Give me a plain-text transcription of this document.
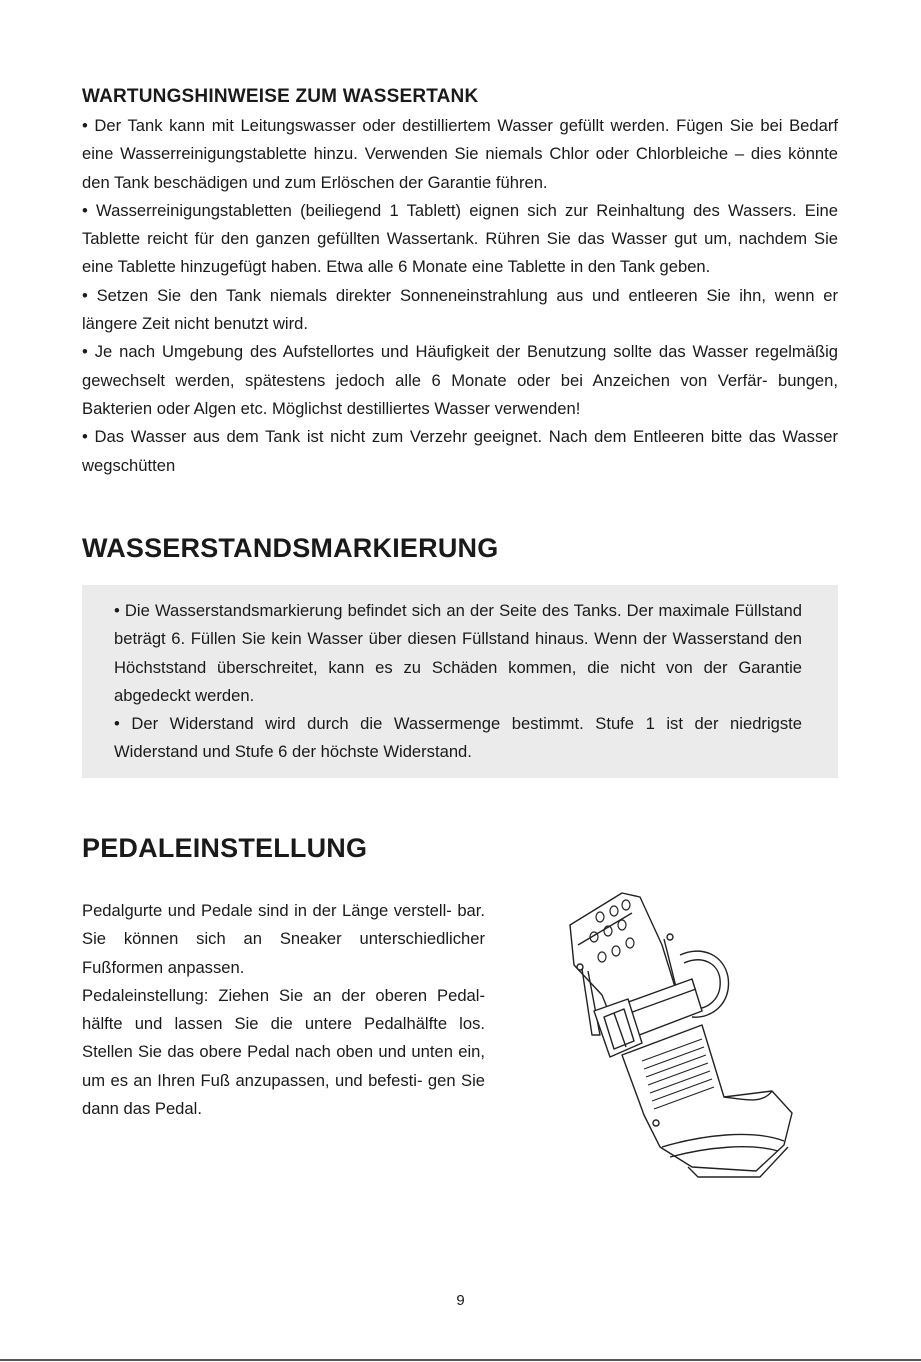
WARTUNGSHINWEISE ZUM WASSERTANK

• Der Tank kann mit Leitungswasser oder destilliertem Wasser gefüllt werden. Fügen Sie bei Bedarf eine Wasserreinigungstablette hinzu. Verwenden Sie niemals Chlor oder Chlorbleiche – dies könnte den Tank beschädigen und zum Erlöschen der Garantie führen.

• Wasserreinigungstabletten (beiliegend 1 Tablett) eignen sich zur Reinhaltung des Wassers. Eine Tablette reicht für den ganzen gefüllten Wassertank. Rühren Sie das Wasser gut um, nachdem Sie eine Tablette hinzugefügt haben. Etwa alle 6 Monate eine Tablette in den Tank geben.

• Setzen Sie den Tank niemals direkter Sonneneinstrahlung aus und entleeren Sie ihn, wenn er längere Zeit nicht benutzt wird.

• Je nach Umgebung des Aufstellortes und Häufigkeit der Benutzung sollte das Wasser regelmäßig gewechselt werden, spätestens jedoch alle 6 Monate oder bei Anzeichen von Verfär- bungen, Bakterien oder Algen etc. Möglichst destilliertes Wasser verwenden!

• Das Wasser aus dem Tank ist nicht zum Verzehr geeignet. Nach dem Entleeren bitte das Wasser wegschütten

WASSERSTANDSMARKIERUNG

• Die Wasserstandsmarkierung befindet sich an der Seite des Tanks. Der maximale Füllstand beträgt 6. Füllen Sie kein Wasser über diesen Füllstand hinaus. Wenn der Wasserstand den Höchststand überschreitet, kann es zu Schäden kommen, die nicht von der Garantie abgedeckt werden.

• Der Widerstand wird durch die Wassermenge bestimmt. Stufe 1 ist der niedrigste Widerstand und Stufe 6 der höchste Widerstand.

PEDALEINSTELLUNG

Pedalgurte und Pedale sind in der Länge verstell- bar. Sie können sich an Sneaker unterschiedlicher Fußformen anpassen.

Pedaleinstellung: Ziehen Sie an der oberen Pedal- hälfte und lassen Sie die untere Pedalhälfte los. Stellen Sie das obere Pedal nach oben und unten ein, um es an Ihren Fuß anzupassen, und befesti- gen Sie dann das Pedal.

9
